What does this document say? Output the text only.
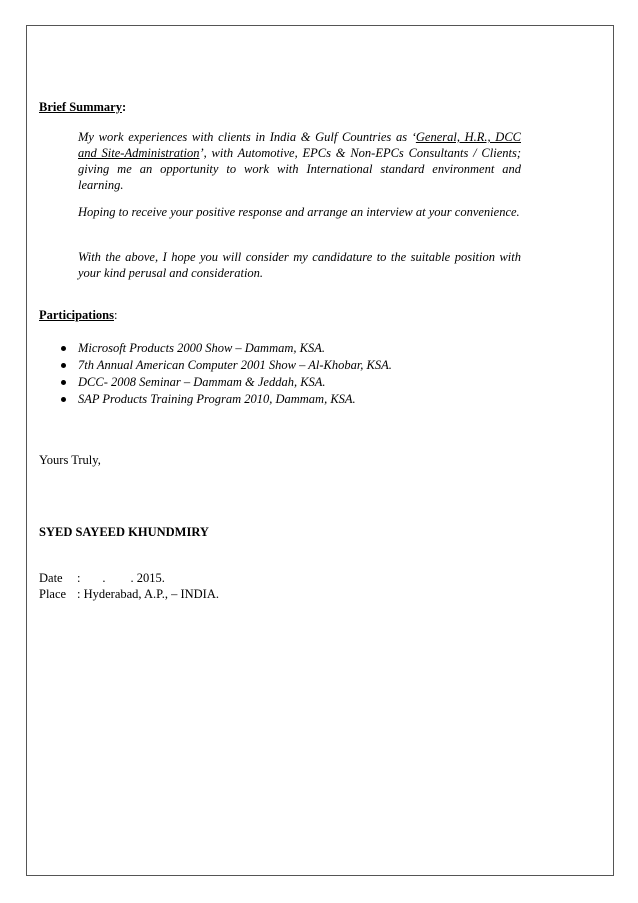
Brief Summary:

My work experiences with clients in India & Gulf Countries as ‘General, H.R., DCC and Site-Administration’, with Automotive, EPCs & Non-EPCs Consultants / Clients; giving me an opportunity to work with International standard environment and learning.

Hoping to receive your positive response and arrange an interview at your convenience.

With the above, I hope you will consider my candidature to the suitable position with your kind perusal and consideration.

Participations:
Microsoft Products 2000 Show – Dammam, KSA.
7th Annual American Computer 2001 Show – Al-Khobar, KSA.
DCC- 2008 Seminar – Dammam & Jeddah, KSA.
SAP Products Training Program 2010, Dammam, KSA.
Yours Truly,
SYED SAYEED KHUNDMIRY
Date :       .        . 2015.
Place : Hyderabad, A.P., – INDIA.
